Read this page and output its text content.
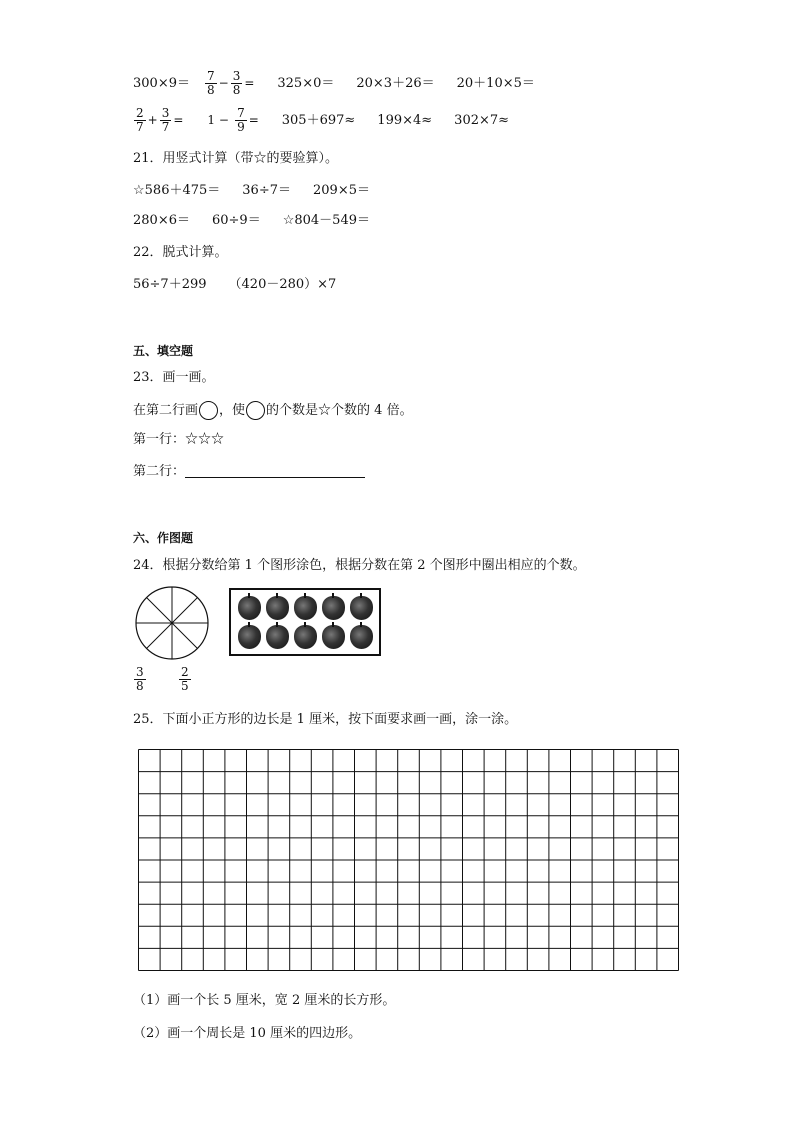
$300\times 9= \frac{7}{8} - \frac{3}{8} = 325\times 0= 20\times 3+26= 20+10\times 5=$
$\frac{2}{7} + \frac{3}{7} = 1 - \frac{7}{9} = 305+697\approx 199\times 4\approx 302\times 7\approx$
21．用竖式计算（带☆的要验算）。
☆586＋475＝ 36÷7＝ 209×5＝
280×6＝ 60÷9＝ ☆804－549＝
22．脱式计算。
56÷7＋299 （420－280）×7
五、填空题
23．画一画。
在第二行画 ，使 的个数是☆个数的 4 倍。
第一行：☆☆☆
第二行：
六、作图题
24．根据分数给第 1 个图形涂色，根据分数在第 2 个图形中圈出相应的个数。
$\frac{3}{8}$	$\frac{2}{5}$
25．下面小正方形的边长是 1 厘米，按下面要求画一画，涂一涂。
（1）画一个长 5 厘米，宽 2 厘米的长方形。
（2）画一个周长是 10 厘米的四边形。
